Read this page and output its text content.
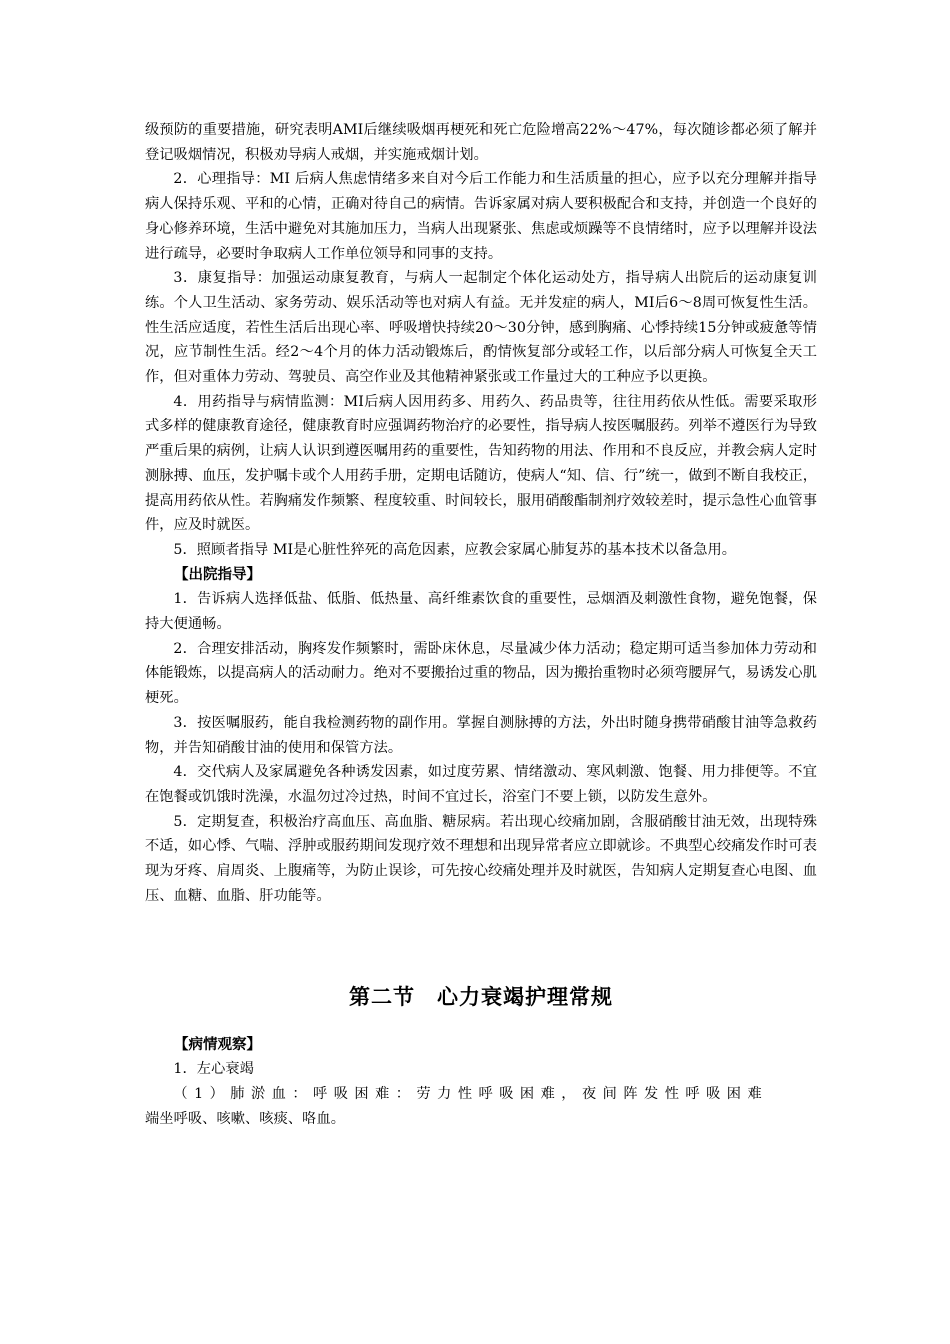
级预防的重要措施，研究表明AMI后继续吸烟再梗死和死亡危险增高22%～47%，每次随诊都必须了解并登记吸烟情况，积极劝导病人戒烟，并实施戒烟计划。

2．心理指导：MI 后病人焦虑情绪多来自对今后工作能力和生活质量的担心，应予以充分理解并指导病人保持乐观、平和的心情，正确对待自己的病情。告诉家属对病人要积极配合和支持，并创造一个良好的身心修养环境，生活中避免对其施加压力，当病人出现紧张、焦虑或烦躁等不良情绪时，应予以理解并设法进行疏导，必要时争取病人工作单位领导和同事的支持。

3．康复指导：加强运动康复教育，与病人一起制定个体化运动处方，指导病人出院后的运动康复训练。个人卫生活动、家务劳动、娱乐活动等也对病人有益。无并发症的病人，MI后6～8周可恢复性生活。性生活应适度，若性生活后出现心率、呼吸增快持续20～30分钟，感到胸痛、心悸持续15分钟或疲惫等情况，应节制性生活。经2～4个月的体力活动锻炼后，酌情恢复部分或轻工作，以后部分病人可恢复全天工作，但对重体力劳动、驾驶员、高空作业及其他精神紧张或工作量过大的工种应予以更换。

4．用药指导与病情监测：MI后病人因用药多、用药久、药品贵等，往往用药依从性低。需要采取形式多样的健康教育途径，健康教育时应强调药物治疗的必要性，指导病人按医嘱服药。列举不遵医行为导致严重后果的病例，让病人认识到遵医嘱用药的重要性，告知药物的用法、作用和不良反应，并教会病人定时测脉搏、血压，发护嘱卡或个人用药手册，定期电话随访，使病人“知、信、行”统一，做到不断自我校正，提高用药依从性。若胸痛发作频繁、程度较重、时间较长，服用硝酸酯制剂疗效较差时，提示急性心血管事件，应及时就医。

5．照顾者指导 MI是心脏性猝死的高危因素，应教会家属心肺复苏的基本技术以备急用。

【出院指导】

1．告诉病人选择低盐、低脂、低热量、高纤维素饮食的重要性，忌烟酒及刺激性食物，避免饱餐，保持大便通畅。

2．合理安排活动，胸疼发作频繁时，需卧床休息，尽量减少体力活动；稳定期可适当参加体力劳动和体能锻炼，以提高病人的活动耐力。绝对不要搬抬过重的物品，因为搬抬重物时必须弯腰屏气，易诱发心肌梗死。

3．按医嘱服药，能自我检测药物的副作用。掌握自测脉搏的方法，外出时随身携带硝酸甘油等急救药物，并告知硝酸甘油的使用和保管方法。

4．交代病人及家属避免各种诱发因素，如过度劳累、情绪激动、寒风刺激、饱餐、用力排便等。不宜在饱餐或饥饿时洗澡，水温勿过冷过热，时间不宜过长，浴室门不要上锁，以防发生意外。

5．定期复查，积极治疗高血压、高血脂、糖尿病。若出现心绞痛加剧，含服硝酸甘油无效，出现特殊不适，如心悸、气喘、浮肿或服药期间发现疗效不理想和出现异常者应立即就诊。不典型心绞痛发作时可表现为牙疼、肩周炎、上腹痛等，为防止误诊，可先按心绞痛处理并及时就医，告知病人定期复查心电图、血压、血糖、血脂、肝功能等。

第二节　心力衰竭护理常规

【病情观察】

1．左心衰竭

（1）肺淤血：呼吸困难：劳力性呼吸困难，夜间阵发性呼吸困难

端坐呼吸、咳嗽、咳痰、咯血。
